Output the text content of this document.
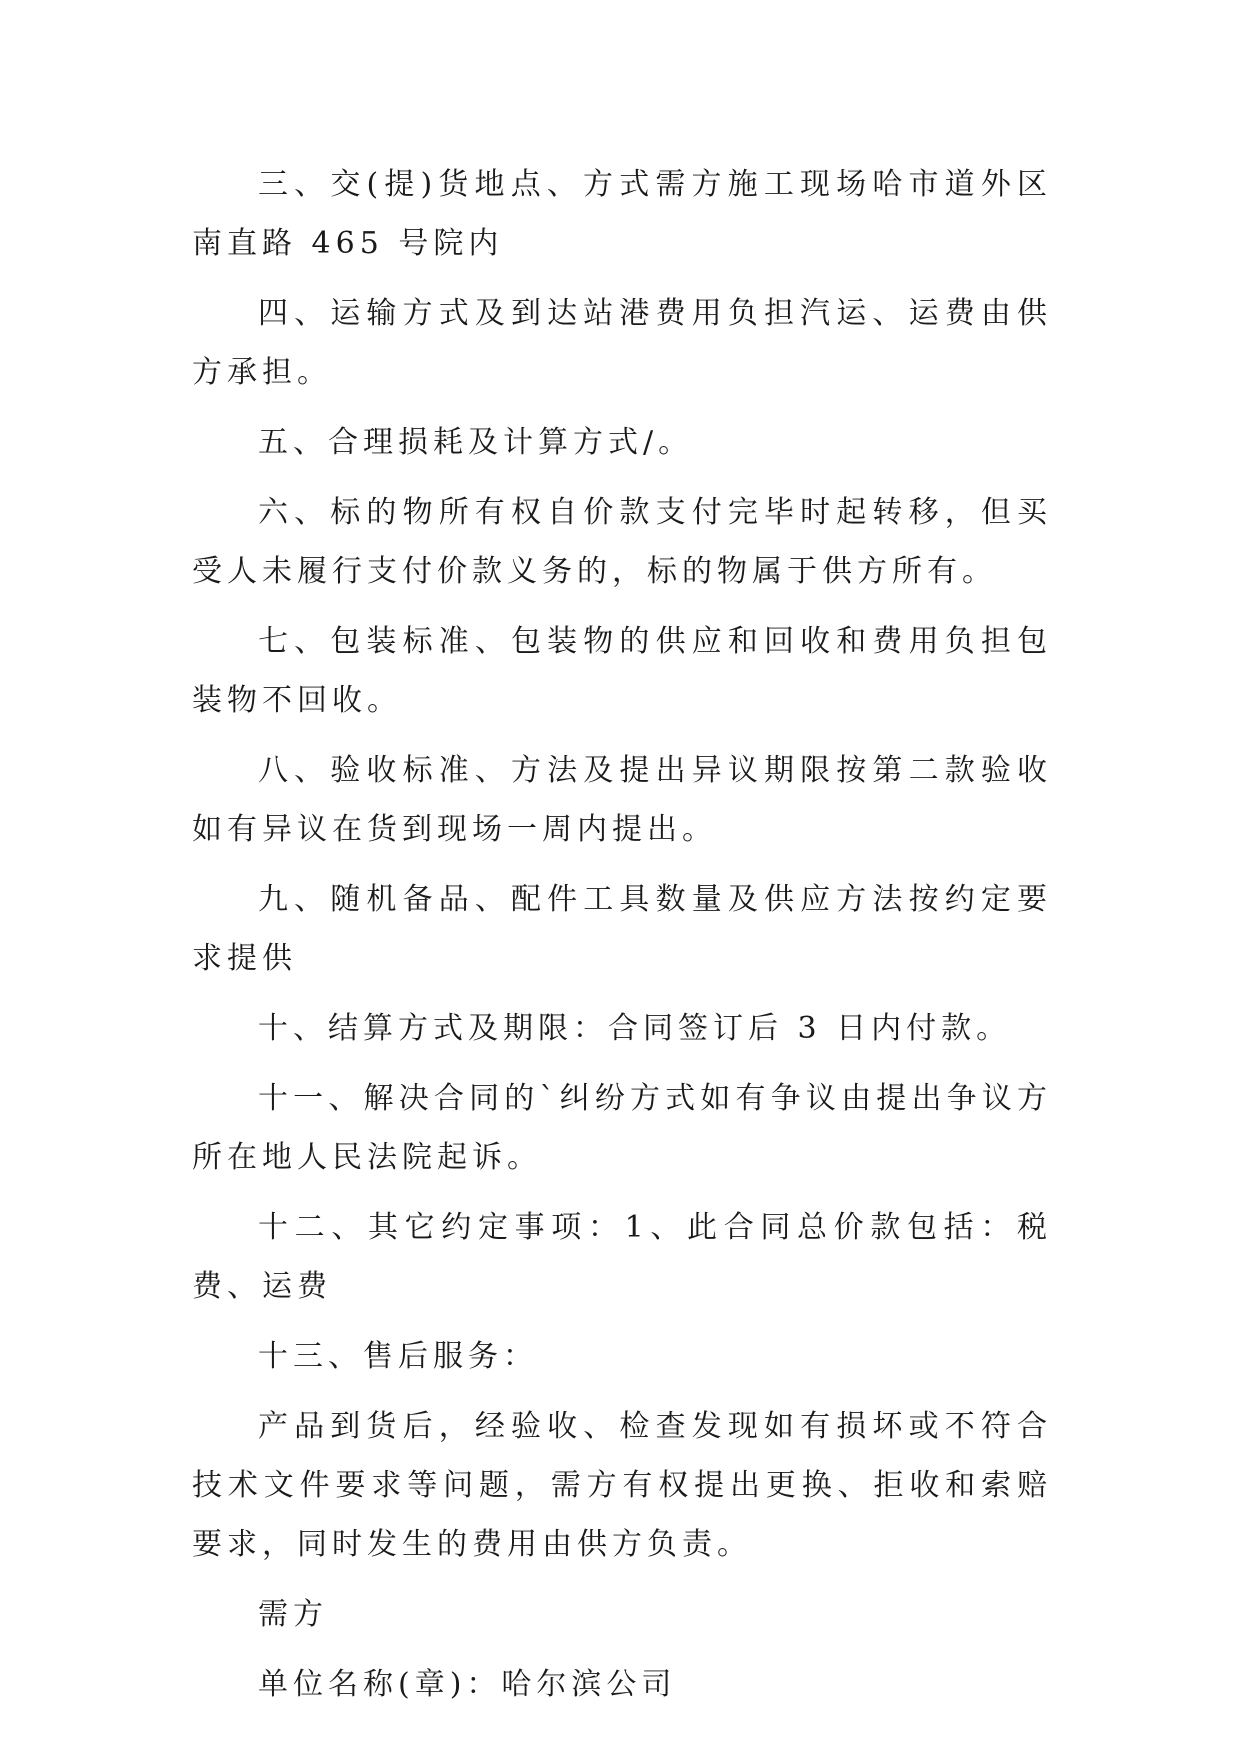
三、交(提)货地点、方式需方施工现场哈市道外区南直路 465 号院内

四、运输方式及到达站港费用负担汽运、运费由供方承担。

五、合理损耗及计算方式/。

六、标的物所有权自价款支付完毕时起转移，但买受人未履行支付价款义务的，标的物属于供方所有。

七、包装标准、包装物的供应和回收和费用负担包装物不回收。

八、验收标准、方法及提出异议期限按第二款验收如有异议在货到现场一周内提出。

九、随机备品、配件工具数量及供应方法按约定要求提供

十、结算方式及期限：合同签订后 3 日内付款。

十一、解决合同的`纠纷方式如有争议由提出争议方所在地人民法院起诉。

十二、其它约定事项：1、此合同总价款包括：税费、运费

十三、售后服务：

产品到货后，经验收、检查发现如有损坏或不符合技术文件要求等问题，需方有权提出更换、拒收和索赔要求，同时发生的费用由供方负责。

需方

单位名称(章)：哈尔滨公司
